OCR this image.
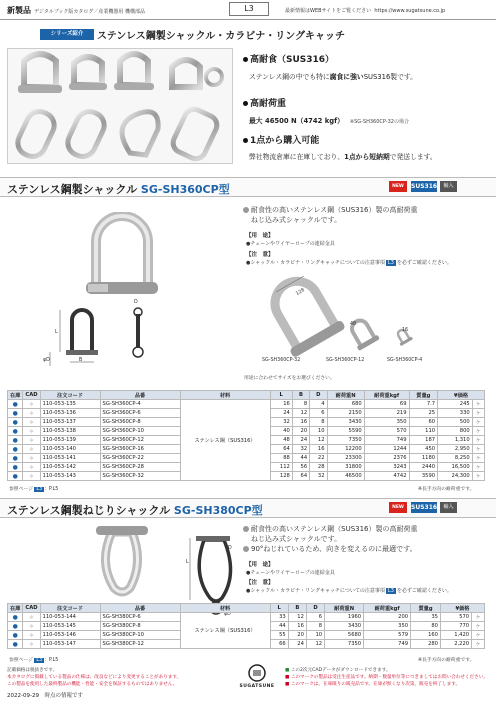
新製品 デジタルブック版カタログ／産業機器用 機構部品	L3	最新情報はWEBサイトをご覧ください https://www.sugatsune.co.jp
シリーズ紹介	ステンレス鋼製シャックル・カラビナ・リングキャッチ
高耐食（SUS316）
ステンレス鋼の中でも特に腐食に強いSUS316製です。
高耐荷重
最大 46500 N（4742 kgf） ※SG-SH360CP-32の場合
1点から購入可能
弊社物流倉庫に在庫しており、1点から短納期で発送します。
ステンレス鋼製シャックル SG-SH360CP型	NEW	SUS316	輸入
L
B
φD
D
耐食性の高いステンレス鋼（SUS316）製の高耐荷重
ねじ込み式シャックルです。
【用　途】
●チェーンやワイヤーロープの連結金具
【注　意】
●シャックル・カラビナ・リングキャッチについての注意事項 L3 を必ずご確認ください。
128
48
16
SG-SH360CP-32	SG-SH360CP-12	SG-SH360CP-4
用途に合わせてサイズをお選びください。
在庫	CAD	注文コード	品番	材料	L	B	D	耐荷重N	耐荷重kgf	質量g	¥価格	
●	＊	110-053-135	SG-SH360CP-4	ステンレス鋼（SUS316）	16	8	4	680	69	7.7	245	ケ
●	＊	110-053-136	SG-SH360CP-6		24	12	6	2150	219	25	330	ケ
●	＊	110-053-137	SG-SH360CP-8		32	16	8	3430	350	60	500	ケ
●	＊	110-053-138	SG-SH360CP-10		40	20	10	5590	570	110	800	ケ
●	＊	110-053-139	SG-SH360CP-12		48	24	12	7350	749	187	1,310	ケ
●	＊	110-053-140	SG-SH360CP-16		64	32	16	12200	1244	450	2,950	ケ
●	＊	110-053-141	SG-SH360CP-22		88	44	22	23300	2376	1180	8,250	ケ
●	＊	110-053-142	SG-SH360CP-28		112	56	28	31800	3243	2440	16,500	ケ
●	＊	110-053-143	SG-SH360CP-32		128	64	32	46500	4742	3590	24,300	ケ
参照ページ L3 ：P.L5	※長手方向の耐荷重です。
ステンレス鋼製ねじりシャックル SG-SH380CP型	NEW	SUS316	輸入
L
D
φD
耐食性の高いステンレス鋼（SUS316）製の高耐荷重
ねじ込み式シャックルです。
90°ねじれているため、向きを変えるのに最適です。
【用　途】
●チェーンやワイヤーロープの連結金具
【注　意】
●シャックル・カラビナ・リングキャッチについての注意事項 L3 を必ずご確認ください。
在庫	CAD	注文コード	品番	材料	L	B	D	耐荷重N	耐荷重kgf	質量g	¥価格	
●	＊	110-053-144	SG-SH380CP-6	ステンレス鋼（SUS316）	33	12	6	1960	200	35	570	ケ
●	＊	110-053-145	SG-SH380CP-8		44	16	8	3430	350	80	770	ケ
●	＊	110-053-146	SG-SH380CP-10		55	20	10	5680	579	160	1,420	ケ
●	＊	110-053-147	SG-SH380CP-12		66	24	12	7350	749	280	2,220	ケ
参照ページ L3 ：P.L5	※長手方向の耐荷重です。
記載価格は税抜きです。
本カタログに掲載している製品の仕様は、改良などにより変更することがあります。
この製品を使用した最終製品の機能・性能・安全を保証するものではありません。	SUGATSUNE
■ この2次元CADデータがダウンロードできます。
■ このマークの製品は受注生産品です。納期・数量単位等につきましてはお問い合わせください。
■ このマークは、在庫限りの販売品です。在庫が無くなり次第、販売を終了します。
2022-09-29　時点の情報です
